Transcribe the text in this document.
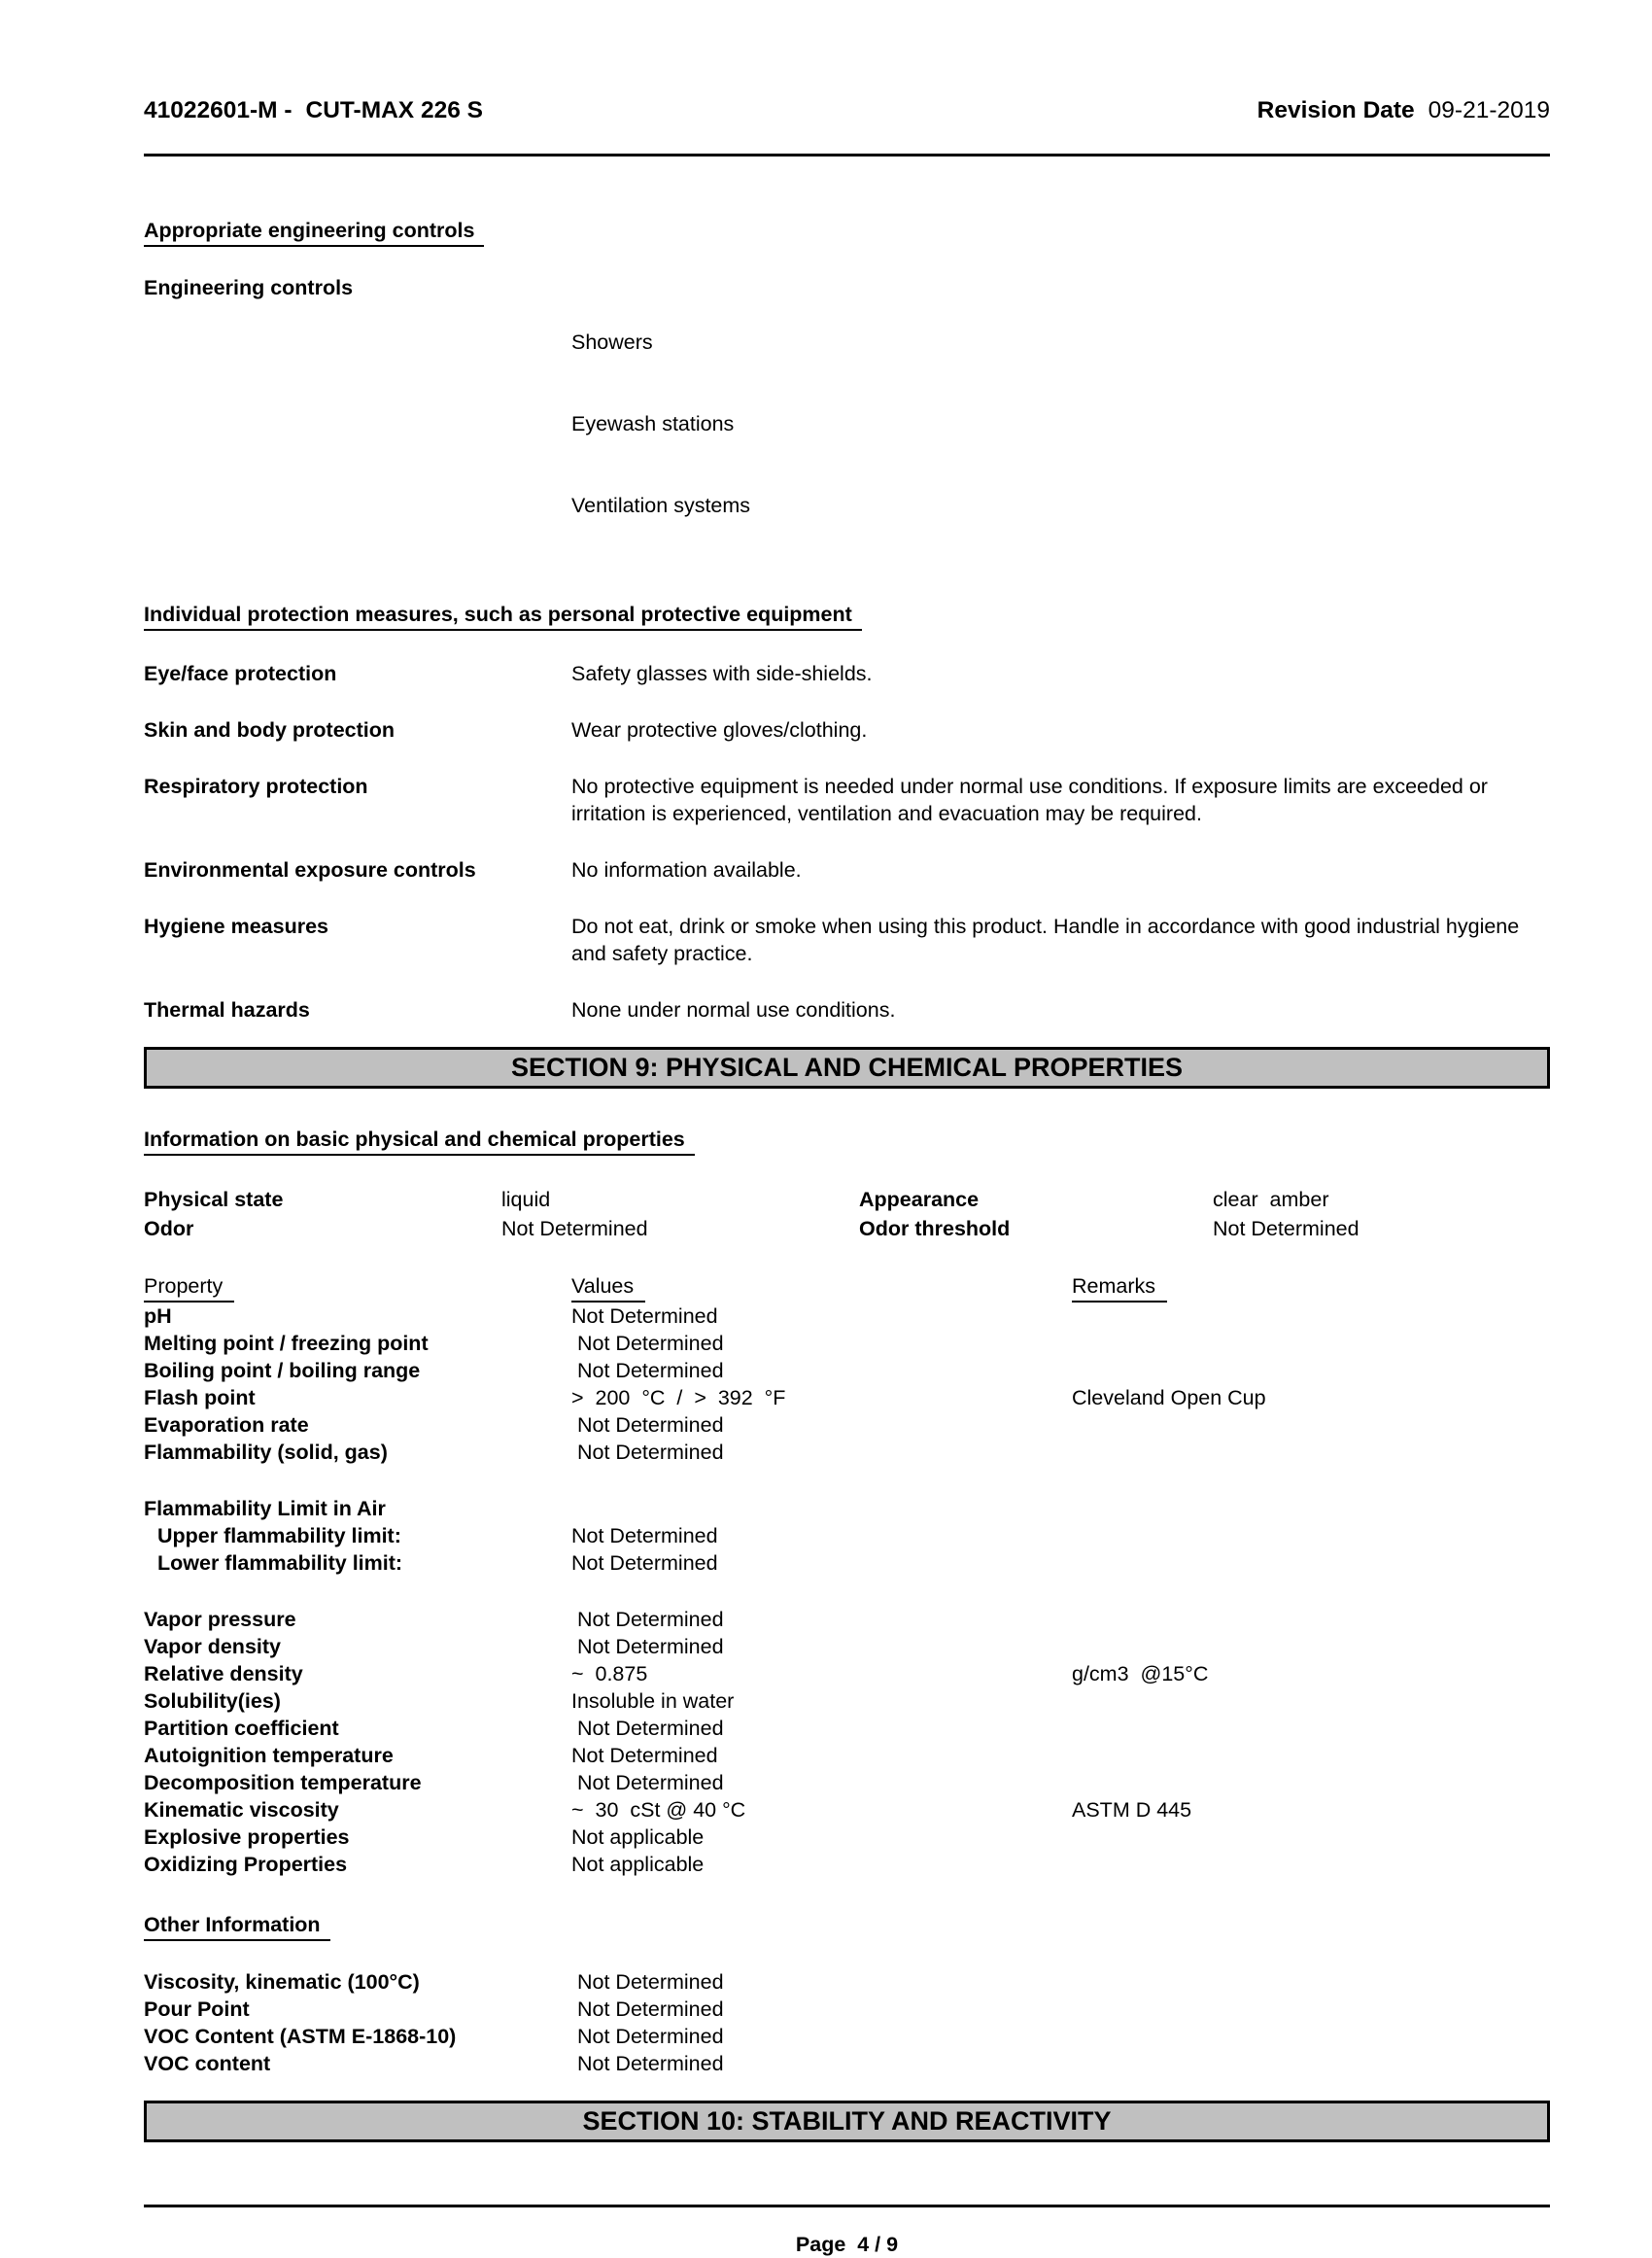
41022601-M - CUT-MAX 226 S	Revision Date 09-21-2019
Appropriate engineering controls
Engineering controls

Showers

Eyewash stations

Ventilation systems

Individual protection measures, such as personal protective equipment
Eye/face protection	Safety glasses with side-shields.
Skin and body protection	Wear protective gloves/clothing.
Respiratory protection	No protective equipment is needed under normal use conditions. If exposure limits are exceeded or irritation is experienced, ventilation and evacuation may be required.
Environmental exposure controls	No information available.
Hygiene measures	Do not eat, drink or smoke when using this product. Handle in accordance with good industrial hygiene and safety practice.
Thermal hazards	None under normal use conditions.
SECTION 9: PHYSICAL AND CHEMICAL PROPERTIES
Information on basic physical and chemical properties
Physical state	liquid	Appearance	clear  amber
Odor	Not Determined	Odor threshold	Not Determined
Property	Values	Remarks
pH	Not Determined
Melting point / freezing point	Not Determined
Boiling point / boiling range	Not Determined
Flash point	>  200  °C  /  >  392  °F	Cleveland Open Cup
Evaporation rate	Not Determined
Flammability (solid, gas)	Not Determined
Flammability Limit in Air
Upper flammability limit:	Not Determined
Lower flammability limit:	Not Determined
Vapor pressure	Not Determined
Vapor density	Not Determined
Relative density	~  0.875	g/cm3  @15°C
Solubility(ies)	Insoluble in water
Partition coefficient	Not Determined
Autoignition temperature	Not Determined
Decomposition temperature	Not Determined
Kinematic viscosity	~  30  cSt @ 40 °C	ASTM D 445
Explosive properties	Not applicable
Oxidizing Properties	Not applicable
Other Information
Viscosity, kinematic (100°C)	Not Determined
Pour Point	Not Determined
VOC Content (ASTM E-1868-10)	Not Determined
VOC content	Not Determined
SECTION 10: STABILITY AND REACTIVITY
Page  4 / 9
